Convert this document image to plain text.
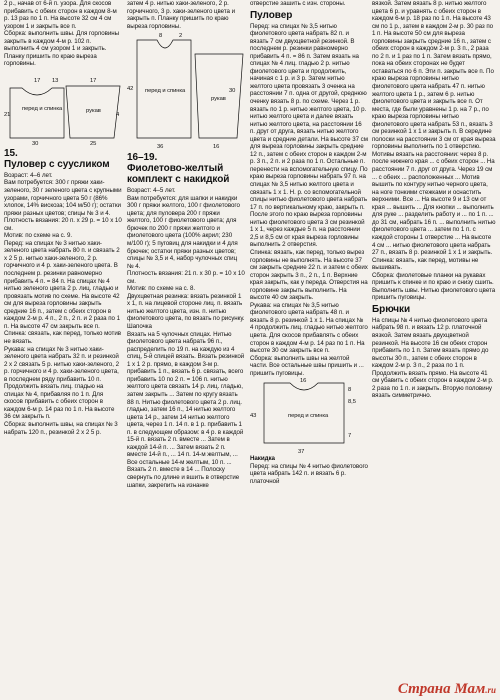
2 р., начав от 6-й п. узора. Для скосов прибавить с обеих сторон в каждом 8-м р. 13 раз по 1 п. На высоте 32 см 4 см узором 1 и закрыть все п.

Сборка: выполнить швы. Для горловины закрыть в каждом 4-м р. 102 п. выполнить 4 см узором 1 и закрыть. Планку пришить по краю выреза горловины.

перед и спинка	рукав
17 13
30	25
17
21	4
15.
Пуловер с суусликом

Возраст: 4–6 лет.
Вам потребуется: 300 г пряжи хаки-зеленого, 30 г зеленого цвета с крупными узорами, горчичного цвета 50 г (86% хлопок, 14% вискоза; 104 м/50 г); остатки пряжи разных цветов; спицы № 3 и 4.
Плотность вязания: 20 п. х 29 р. = 10 х 10 см.
Мотив: по схеме на с. 9.
Перед: на спицах № 3 нитью хаки-зеленого цвета набрать 80 п. и связать 2 х 2 5 р. нитью хаки-зеленого, 2 р. горчичного и 4 р. хаки-зеленого цвета. В последнем р. резинки равномерно прибавить 4 п. = 84 п. На спицах № 4 нитью зеленого цвета 2 р. лиц. гладью и провязать мотив по схеме. На высоте 42 см для выреза горловины закрыть средние 16 п., затем с обеих сторон в каждом 2-м р. 4 п., 2 п., 2 п. и 2 раза по 1 п. На высоте 47 см закрыть все п.
Спинка: связать, как перед, только мотив не вязать.
Рукава: на спицах № 3 нитью хаки-зеленого цвета набрать 32 п. и резинкой 2 х 2 связать 5 р. нитью хаки-зеленого, 2 р. горчичного и 4 р. хаки-зеленого цвета, в последнем ряду прибавить 10 п. Продолжить вязать лиц. гладью на спицах № 4, прибавляя по 1 п. Для скосов прибавить с обеих сторон в каждом 6-м р. 14 раз по 1 п. На высоте 36 см закрыть п.
Сборка: выполнить швы, на спицах № 3 набрать 120 п., резинкой 2 х 2 5 р.

затем 4 р. нитью хаки-зеленого, 2 р. горчичного, 3 р. хаки-зеленого цвета и закрыть п. Планку пришить по краю выреза горловины.

перед и спинка
рукав
8	2
36	16
30
42
16–19.
Фиолетово-желтый комплект с накидкой

Возраст: 4–5 лет.
Вам потребуется: для шапки и накидки 300 г пряжи желтого, 100 г фиолетового цвета; для пуловера 200 г пряжи желтого, 100 г фиолетового цвета; для брючек по 200 г пряжи желтого и фиолетового цвета (100% акрил; 230 м/100 г); 5 пуговиц для накидки и 4 для брючек; остатки пряжи разных цветов; спицы № 3,5 и 4, набор чулочных спиц № 4.
Плотность вязания: 21 п. х 30 р. = 10 х 10 см.
Мотив: по схеме на с. 8.
Двухцветная резинка: вязать резинкой 1 х 1, п. на лицевой стороне лиц. п. вязать нитью желтого цвета, изн. п. нитью фиолетового цвета, по вязать по рисунку.
Шапочка
Вязать на 5 чулочных спицах. Нитью фиолетового цвета набрать 96 п., распределить по 19 п. на каждую из 4 спиц, 5-й спицей вязать. Вязать резинкой 1 х 1 2 р. прямо, в каждом 3-м р. прибавить 1 п., вязать 6 р. связать, всего прибавить 10 по 2 п. = 106 п. нитью желтого цвета связать 14 р. лиц. гладью, затем закрыть ... Затем по кругу вязать 88 п. Нитью фиолетового цвета 2 р. лиц. гладью, затем 16 п., 14 нитью желтого цвета 14 р., затем 14 нитью желтого цвета, через 1 п. 14 п. в 1 р. прибавить 1 п. в следующем образом: в 4 р. в каждой 15-й п. вязать 2 п. вместе ... Затем в каждой 14-й п. ... Затем вязать 2 п. вместе 14-й п., ... 14 п. 14-м желтым, ... Все остальные 14-м желтым, 10 п. ... Вязать 2 п. вместе в 14 ... Полоску свернуть по длине и вшить в отверстие шапки, закрепить на изнанке

отверстие зашить с изн. стороны.

Пуловер

Перед: на спицах № 3,5 нитью фиолетового цвета набрать 82 п. и вязать 7 см двухцветной резинкой. В последнем р. резинки равномерно прибавить 4 п. = 86 п. Затем вязать на спицах № 4 лиц. гладью 2 р. нитью фиолетового цвета и продолжить, начиная с 1 р. и 3 р. Затем нитью желтого цвета провязать 3 оченка на расстоянии 7 п. одна от другой, среднюю оченку вязать 8 р. по схеме. Через 1 р. вязать по 1 р. нитью желтого цвета, 10 р. нитью желтого цвета и далее вязать нитью желтого цвета, на расстоянии 16 п. друг от друга, вязать нитью желтого цвета и средние детали. На высоте 37 см для выреза горловины закрыть средние 12 п., затем с обеих сторон в каждом 2-м р. 3 п., 2 п. и 2 раза по 1 п. Остальные п. перенести на вспомогательную спицу. По краю выреза горловины набрать 97 п. на спицах № 3,5 нитью желтого цвета и связать 1 х 1. Н. р. со вспомогательной спицы нитью фиолетового цвета набрать 17 п. по вертикальному краю, закрыть п. После этого по краю выреза горловины нитью фиолетового цвета 3 см резинкой 1 х 1, через каждые 5 п. на расстоянии 2,5 и 8,5 см от края выреза горловины выполнить 2 отверстия.
Спинка: вязать, как перед, только вырез горловины не выполнять. На высоте 37 см закрыть средние 22 п. и затем с обеих сторон закрыть 3 п., 2 п., 1 п. Верхние края закрыть, как у переда. Отверстия на горловине закрыть выполнить. На высоте 40 см закрыть.
Рукава: на спицах № 3,5 нитью фиолетового цвета набрать 48 п. и вязать 8 р. резинкой 1 х 1. На спицах № 4 продолжить лиц. гладью нитью желтого цвета. Для скосов прибавлять с обеих сторон в каждом 4-м р. 14 раз по 1 п. На высоте 30 см закрыть все п.
Сборка: выполнить швы на желтой части. Все остальные швы пришить и ... пришить пуговицы.

перед и спинка
16
8
8,5
43
7
37
Накидка

Перед: на спицы № 4 нитью фиолетового цвета набрать 142 п. и вязать 6 р. платочной

вязкой. Затем вязать 8 р. нитью желтого цвета 6 р. и уравнять с обеих сторон в каждом 6-м р. 18 раз по 1 п. На высоте 43 см по 1 р., затем в каждом 2-м р. 30 раз по 1 п. На высоте 50 см для выреза горловины закрыть средние 16 п., затем с обеих сторон в каждом 2-м р. 3 п., 2 раза по 2 п. и 1 раз по 1 п. Затем вязать прямо, пока на обеих сторонах не будет оставаться по 6 п. Эти п. закрыть все п. По краю выреза горловины нитью фиолетового цвета набрать 47 п. нитью желтого цвета 1 р., затем 6 р. нитью фиолетового цвета и закрыть все п. От места, где были уравнены 1 р. на 7 р., по краю выреза горловины нитью фиолетового цвета набрать 53 п., вязать 3 см резинкой 1 х 1 и закрыть п. В середине полоски на расстоянии 3 см от края выреза горловины выполнить по 1 отверстию. Мотивы вязать на расстоянии: через 8 р. после нижнего края ... с обеих сторон ... На расстоянии 7 п. друг от друга. Через 19 см ... с обеих ... расположенных ... Мотив вышить по контуру нитью черного цвета, на ноге тонкими стежками и оснастить верхними. Все ... На высоте 9 и 13 см от края ... вышить ... Для кнопки ... выполнить для руке ... разделить работу и ... по 1 п. ... до 31 см, набрать 16 п. ... выполнить нитью фиолетового цвета ... затем по 1 п. с каждой стороны 1 отверстие ... На высоте 4 см ... нитью фиолетового цвета набрать 27 п., вязать 8 р. резинкой 1 х 1 и закрыть.
Спинка: вязать, как перед, мотивы не вышивать.
Сборка: фиолетовые планки на рукавах пришить к спинке и по краю и снизу сшить. Выполнить швы. Нитью фиолетового цвета пришить пуговицы.

Брючки

На спицы № 4 нитью фиолетового цвета набрать 98 п. и вязать 12 р. платочной вязкой. Затем вязать двухцветной резинкой. На высоте 16 см обеих сторон прибавить по 1 п. Затем вязать прямо до высоты 30 п., затем с обеих сторон в каждом 2-м р. 3 п., 2 раза по 1 п. Продолжить вязать прямо. На высоте 41 см убавить с обеих сторон в каждом 2-м р. 2 раза по 1 п. и закрыть. Вторую половину вязать симметрично.

Страна Мам.ru
